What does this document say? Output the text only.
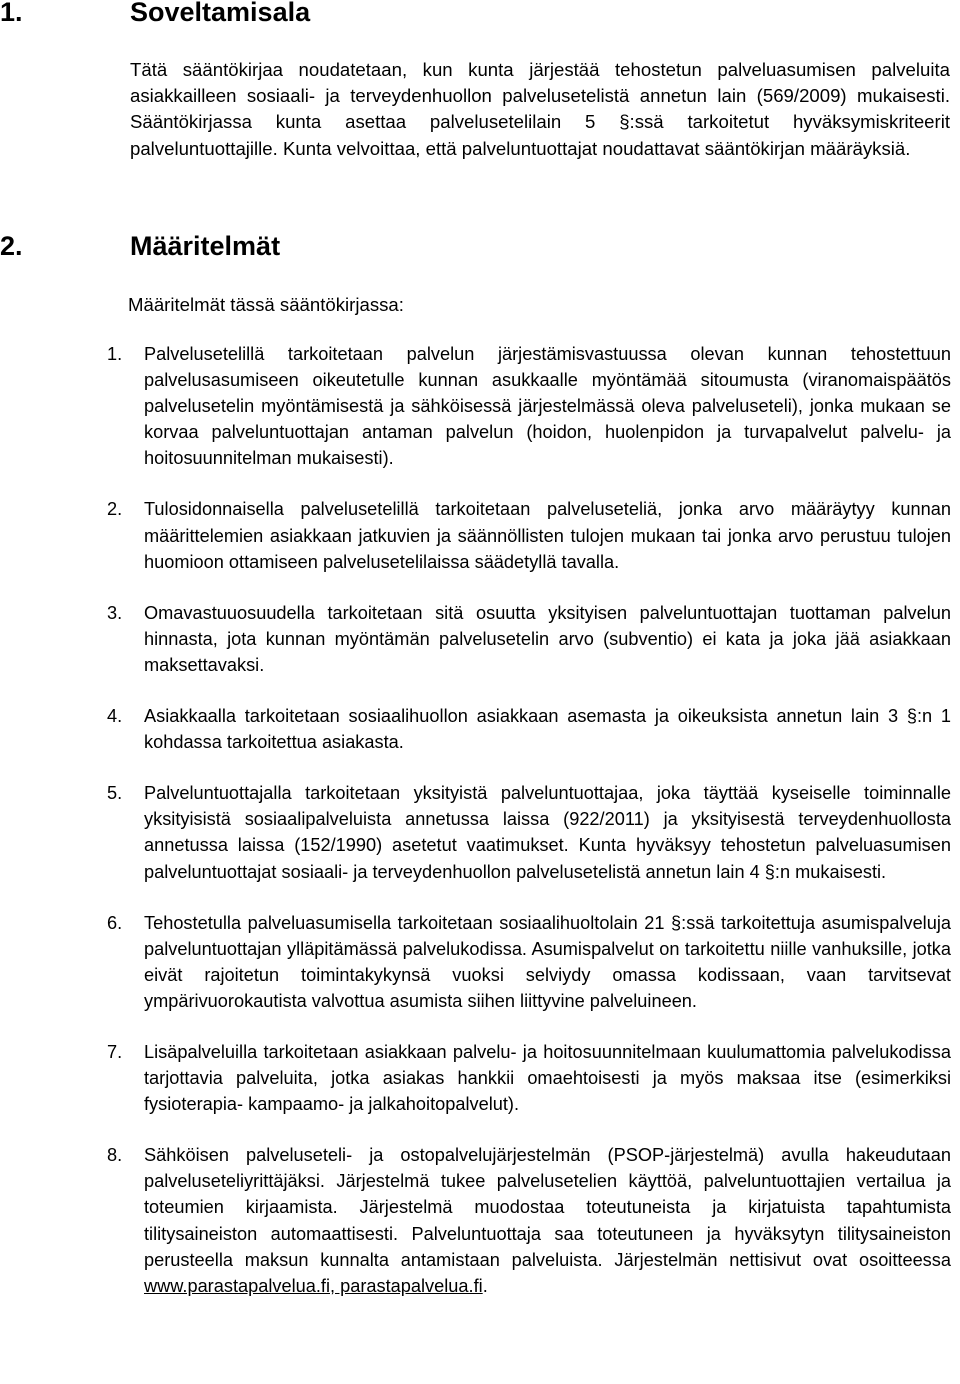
1.	Soveltamisala

Tätä sääntökirjaa noudatetaan, kun kunta järjestää tehostetun palveluasumisen palveluita asiakkailleen sosiaali- ja terveydenhuollon palvelusetelistä annetun lain (569/2009) mukaisesti. Sääntökirjassa kunta asettaa palvelusetelilain 5 §:ssä tarkoitetut hyväksymiskriteerit palveluntuottajille. Kunta velvoittaa, että palveluntuottajat noudattavat sääntökirjan määräyksiä.

2.	Määritelmät

Määritelmät tässä sääntökirjassa:

1. Palvelusetelillä tarkoitetaan palvelun järjestämisvastuussa olevan kunnan tehostettuun palvelusasumiseen oikeutetulle kunnan asukkaalle myöntämää sitoumusta (viranomaispäätös palvelusetelin myöntämisestä ja sähköisessä järjestelmässä oleva palveluseteli), jonka mukaan se korvaa palveluntuottajan antaman palvelun (hoidon, huolenpidon ja turvapalvelut palvelu- ja hoitosuunnitelman mukaisesti).
2. Tulosidonnaisella palvelusetelillä tarkoitetaan palveluseteliä, jonka arvo määräytyy kunnan määrittelemien asiakkaan jatkuvien ja säännöllisten tulojen mukaan tai jonka arvo perustuu tulojen huomioon ottamiseen palvelusetelilaissa säädetyllä tavalla.
3. Omavastuuosuudella tarkoitetaan sitä osuutta yksityisen palveluntuottajan tuottaman palvelun hinnasta, jota kunnan myöntämän palvelusetelin arvo (subventio) ei kata ja joka jää asiakkaan maksettavaksi.
4. Asiakkaalla tarkoitetaan sosiaalihuollon asiakkaan asemasta ja oikeuksista annetun lain 3 §:n 1 kohdassa tarkoitettua asiakasta.
5. Palveluntuottajalla tarkoitetaan yksityistä palveluntuottajaa, joka täyttää kyseiselle toiminnalle yksityisistä sosiaalipalveluista annetussa laissa (922/2011) ja yksityisestä terveydenhuollosta annetussa laissa (152/1990) asetetut vaatimukset. Kunta hyväksyy tehostetun palveluasumisen palveluntuottajat sosiaali- ja terveydenhuollon palvelusetelistä annetun lain 4 §:n mukaisesti.
6. Tehostetulla palveluasumisella tarkoitetaan sosiaalihuoltolain 21 §:ssä tarkoitettuja asumispalveluja palveluntuottajan ylläpitämässä palvelukodissa. Asumispalvelut on tarkoitettu niille vanhuksille, jotka eivät rajoitetun toimintakykynsä vuoksi selviydy omassa kodissaan, vaan tarvitsevat ympärivuorokautista valvottua asumista siihen liittyvine palveluineen.
7. Lisäpalveluilla tarkoitetaan asiakkaan palvelu- ja hoitosuunnitelmaan kuulumattomia palvelukodissa tarjottavia palveluita, jotka asiakas hankkii omaehtoisesti ja myös maksaa itse (esimerkiksi fysioterapia- kampaamo- ja jalkahoitopalvelut).
8. Sähköisen palveluseteli- ja ostopalvelujärjestelmän (PSOP-järjestelmä) avulla hakeudutaan palveluseteliyrittäjäksi. Järjestelmä tukee palvelusetelien käyttöä, palveluntuottajien vertailua ja toteumien kirjaamista. Järjestelmä muodostaa toteutuneista ja kirjatuista tapahtumista tilitysaineiston automaattisesti. Palveluntuottaja saa toteutuneen ja hyväksytyn tilitysaineiston perusteella maksun kunnalta antamistaan palveluista. Järjestelmän nettisivut ovat osoitteessa www.parastapalvelua.fi, parastapalvelua.fi.
